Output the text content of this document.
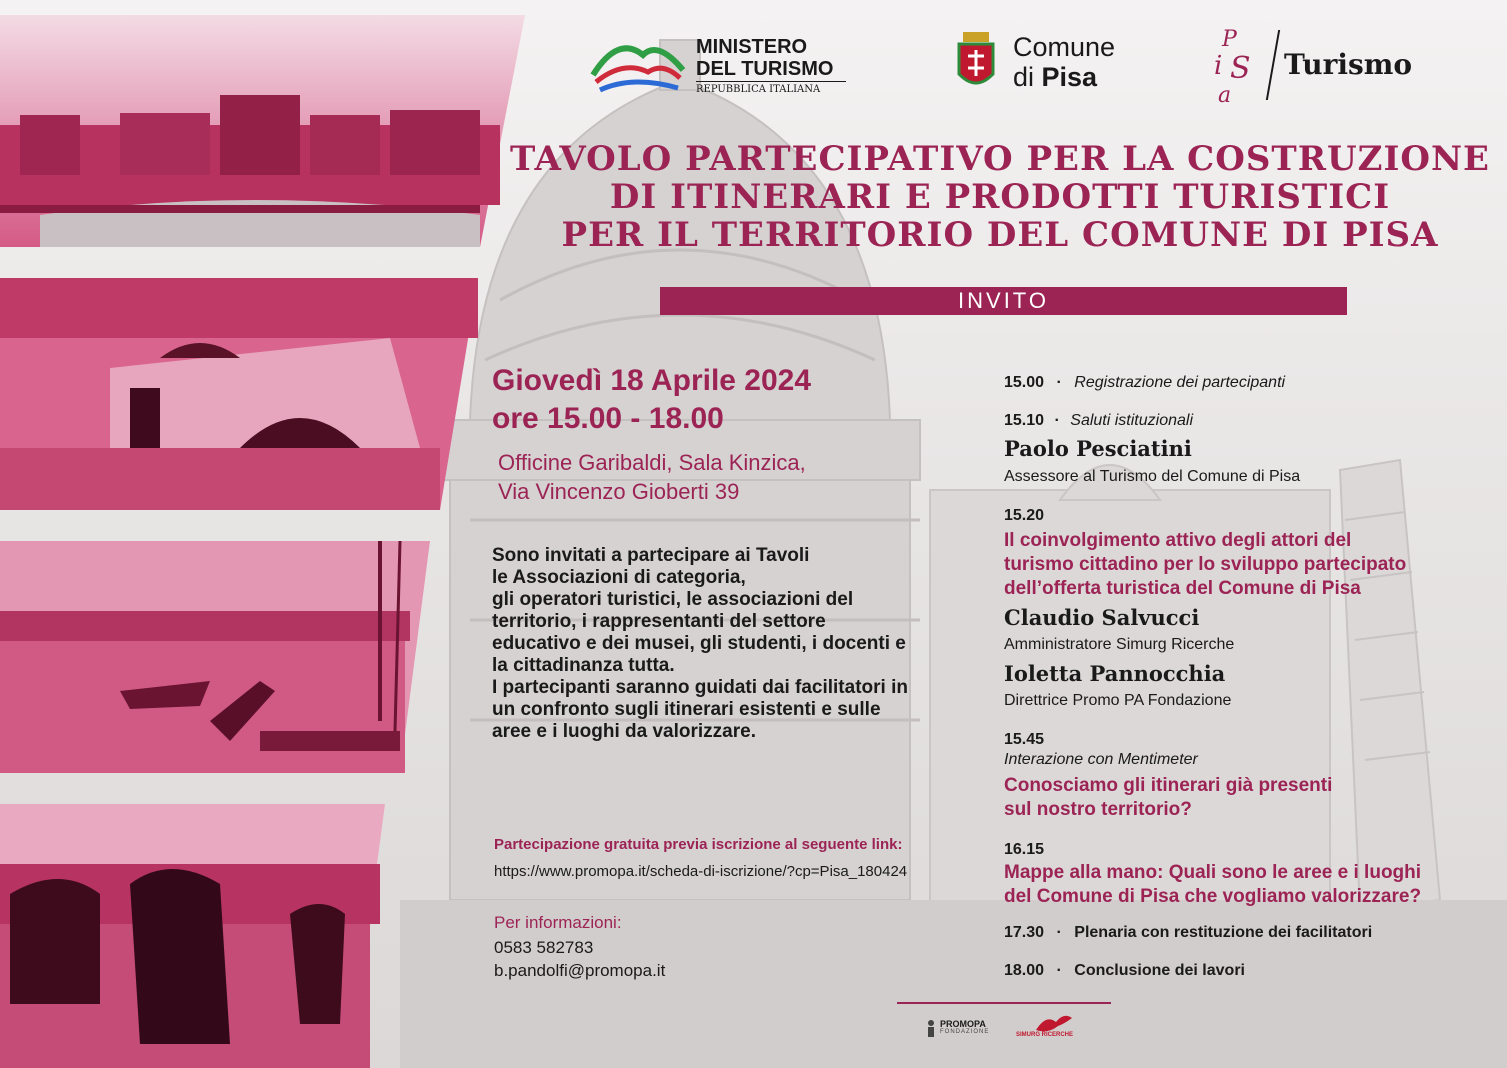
MINISTERO
DEL TURISMO
REPUBBLICA ITALIANA
Comune
di Pisa
P
i S
a
Turismo
TAVOLO PARTECIPATIVO PER LA COSTRUZIONE
DI ITINERARI E PRODOTTI TURISTICI
PER IL TERRITORIO DEL COMUNE DI PISA
INVITO
Giovedì 18 Aprile 2024
ore 15.00 - 18.00
Officine Garibaldi, Sala Kinzica,
Via Vincenzo Gioberti 39
Sono invitati a partecipare ai Tavoli
le Associazioni di categoria,
gli operatori turistici, le associazioni del
territorio, i rappresentanti del settore
educativo e dei musei, gli studenti, i docenti e
la cittadinanza tutta.
I partecipanti saranno guidati dai facilitatori in
un confronto sugli itinerari esistenti e sulle
aree e i luoghi da valorizzare.
Partecipazione gratuita previa iscrizione al seguente link:
https://www.promopa.it/scheda-di-iscrizione/?cp=Pisa_180424
Per informazioni:
0583 582783
b.pandolfi@promopa.it
15.00 · Registrazione dei partecipanti
15.10 · Saluti istituzionali
Paolo Pesciatini
Assessore al Turismo del Comune di Pisa
15.20
Il coinvolgimento attivo degli attori del
turismo cittadino per lo sviluppo partecipato
dell’offerta turistica del Comune di Pisa
Claudio Salvucci
Amministratore Simurg Ricerche
Ioletta Pannocchia
Direttrice Promo PA Fondazione
15.45
Interazione con Mentimeter
Conosciamo gli itinerari già presenti
sul nostro territorio?
16.15
Mappe alla mano: Quali sono le aree e i luoghi
del Comune di Pisa che vogliamo valorizzare?
17.30 · Plenaria con restituzione dei facilitatori
18.00 · Conclusione dei lavori
PROMOPA
FONDAZIONE	SIMURG RICERCHE
